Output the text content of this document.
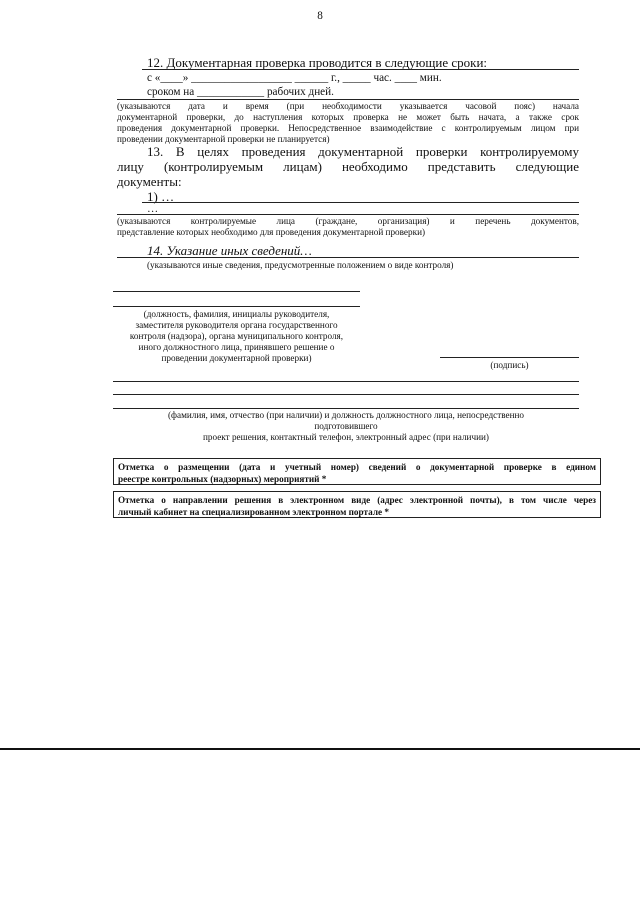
8
12. Документарная проверка проводится в следующие сроки:
с «____» __________________ ______ г., _____ час. ____ мин.
сроком на ____________ рабочих дней.
(указываются дата и время (при необходимости указывается часовой пояс) начала
документарной проверки, до наступления которых проверка не может быть начата, а также срок
проведения документарной проверки. Непосредственное взаимодействие с контролируемым лицом при
проведении документарной проверки не планируется)
13. В целях проведения документарной проверки контролируемому
лицу (контролируемым лицам) необходимо представить следующие
документы:
1) …
…
(указываются контролируемые лица (граждане, организация) и перечень документов,
представление которых необходимо для проведения документарной проверки)
14. Указание иных сведений…
(указываются иные сведения, предусмотренные положением о виде контроля)
(должность, фамилия, инициалы руководителя,
заместителя руководителя органа государственного
контроля (надзора), органа муниципального контроля,
иного должностного лица, принявшего решение о
проведении документарной проверки)
(подпись)
(фамилия, имя, отчество (при наличии) и должность должностного лица, непосредственно
подготовившего
проект решения, контактный телефон, электронный адрес (при наличии)
Отметка о размещении (дата и учетный номер) сведений о документарной проверке в едином
реестре контрольных (надзорных) мероприятий *
Отметка о направлении решения в электронном виде (адрес электронной почты), в том числе через
личный кабинет на специализированном электронном портале *
